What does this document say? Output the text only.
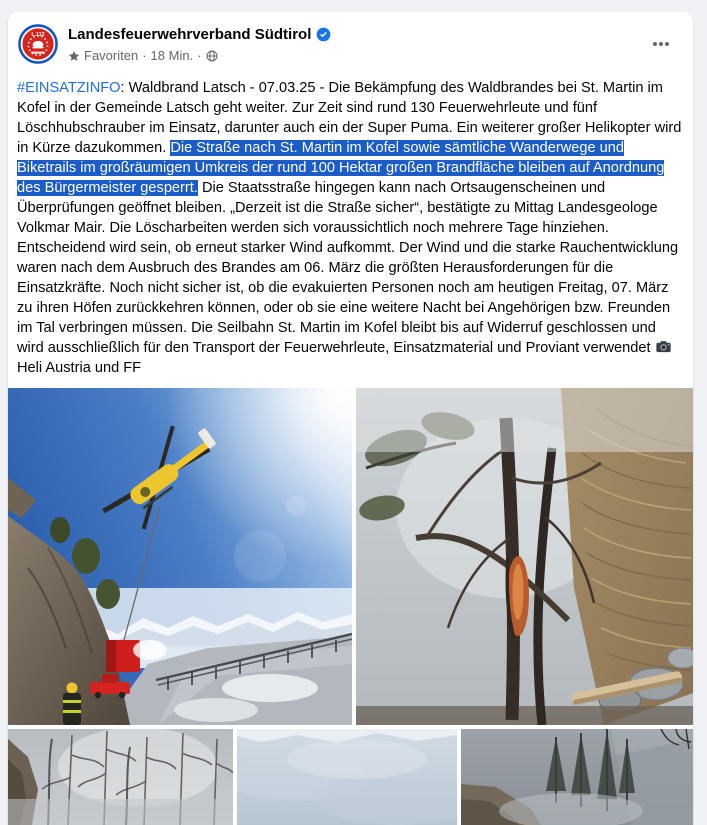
L.112 Landesfeuerwehrverband Südtirol
Favoriten · 18 Min. ·
#EINSATZINFO: Waldbrand Latsch - 07.03.25 - Die Bekämpfung des Waldbrandes bei St. Martin im Kofel in der Gemeinde Latsch geht weiter. Zur Zeit sind rund 130 Feuerwehrleute und fünf Löschhubschrauber im Einsatz, darunter auch ein der Super Puma. Ein weiterer großer Helikopter wird in Kürze dazukommen. Die Straße nach St. Martin im Kofel sowie sämtliche Wanderwege und Biketrails im großräumigen Umkreis der rund 100 Hektar großen Brandfläche bleiben auf Anordnung des Bürgermeister gesperrt. Die Staatsstraße hingegen kann nach Ortsaugenscheinen und Überprüfungen geöffnet bleiben. „Derzeit ist die Straße sicher“, bestätigte zu Mittag Landesgeologe Volkmar Mair. Die Löscharbeiten werden sich voraussichtlich noch mehrere Tage hinziehen. Entscheidend wird sein, ob erneut starker Wind aufkommt. Der Wind und die starke Rauchentwicklung waren nach dem Ausbruch des Brandes am 06. März die größten Herausforderungen für die Einsatzkräfte. Noch nicht sicher ist, ob die evakuierten Personen noch am heutigen Freitag, 07. März zu ihren Höfen zurückkehren können, oder ob sie eine weitere Nacht bei Angehörigen bzw. Freunden im Tal verbringen müssen. Die Seilbahn St. Martin im Kofel bleibt bis auf Widerruf geschlossen und wird ausschließlich für den Transport der Feuerwehrleute, Einsatzmaterial und Proviant verwendet  Heli Austria und FF
